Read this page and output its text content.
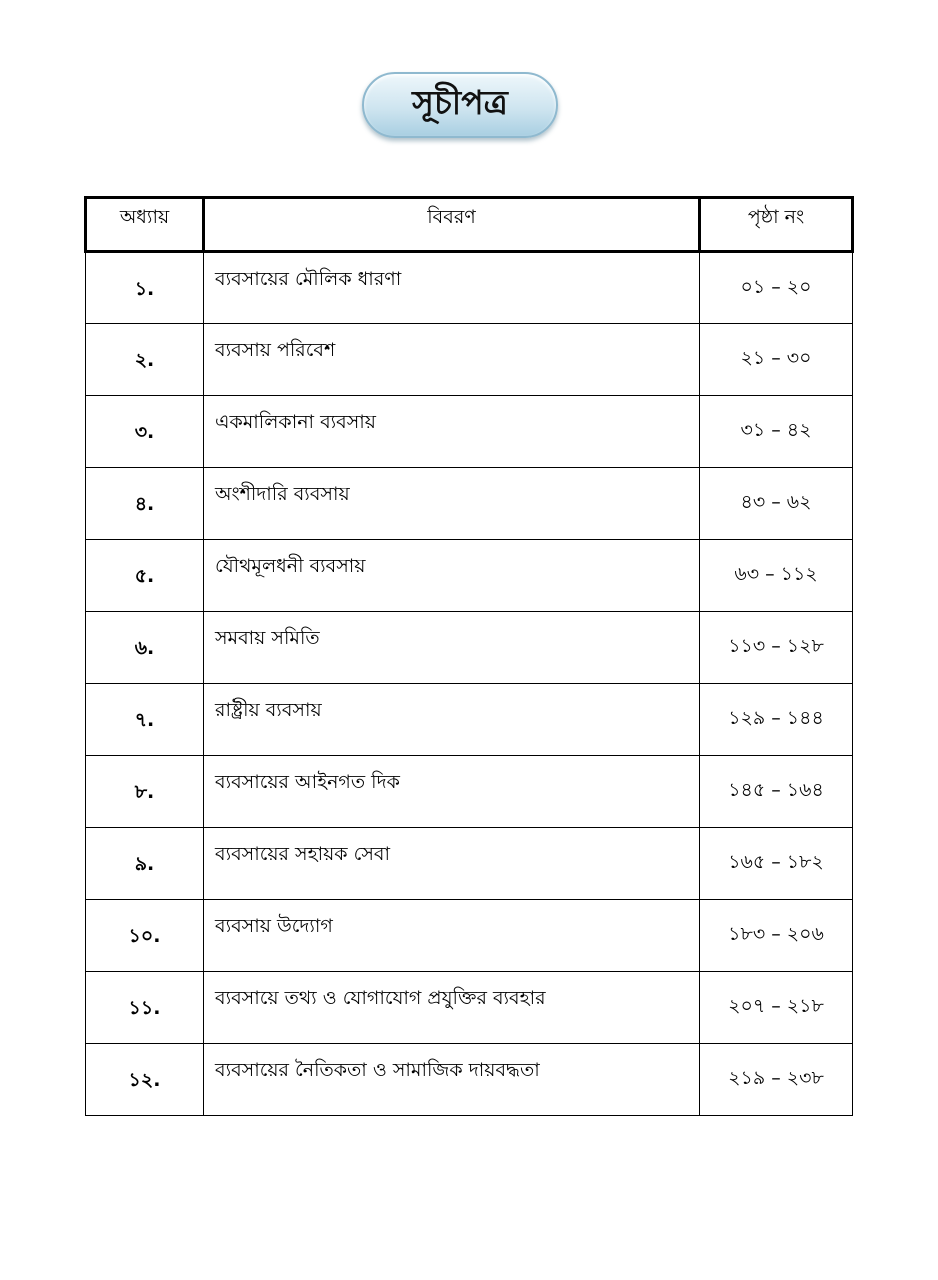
সূচীপত্র
অধ্যায়	বিবরণ	পৃষ্ঠা নং
১.	ব্যবসায়ের মৌলিক ধারণা	০১ – ২০
২.	ব্যবসায় পরিবেশ	২১ – ৩০
৩.	একমালিকানা ব্যবসায়	৩১ – ৪২
৪.	অংশীদারি ব্যবসায়	৪৩ – ৬২
৫.	যৌথমূলধনী ব্যবসায়	৬৩ – ১১২
৬.	সমবায় সমিতি	১১৩ – ১২৮
৭.	রাষ্ট্রীয় ব্যবসায়	১২৯ – ১৪৪
৮.	ব্যবসায়ের আইনগত দিক	১৪৫ – ১৬৪
৯.	ব্যবসায়ের সহায়ক সেবা	১৬৫ – ১৮২
১০.	ব্যবসায় উদ্যোগ	১৮৩ – ২০৬
১১.	ব্যবসায়ে তথ্য ও যোগাযোগ প্রযুক্তির ব্যবহার	২০৭ – ২১৮
১২.	ব্যবসায়ের নৈতিকতা ও সামাজিক দায়বদ্ধতা	২১৯ – ২৩৮
